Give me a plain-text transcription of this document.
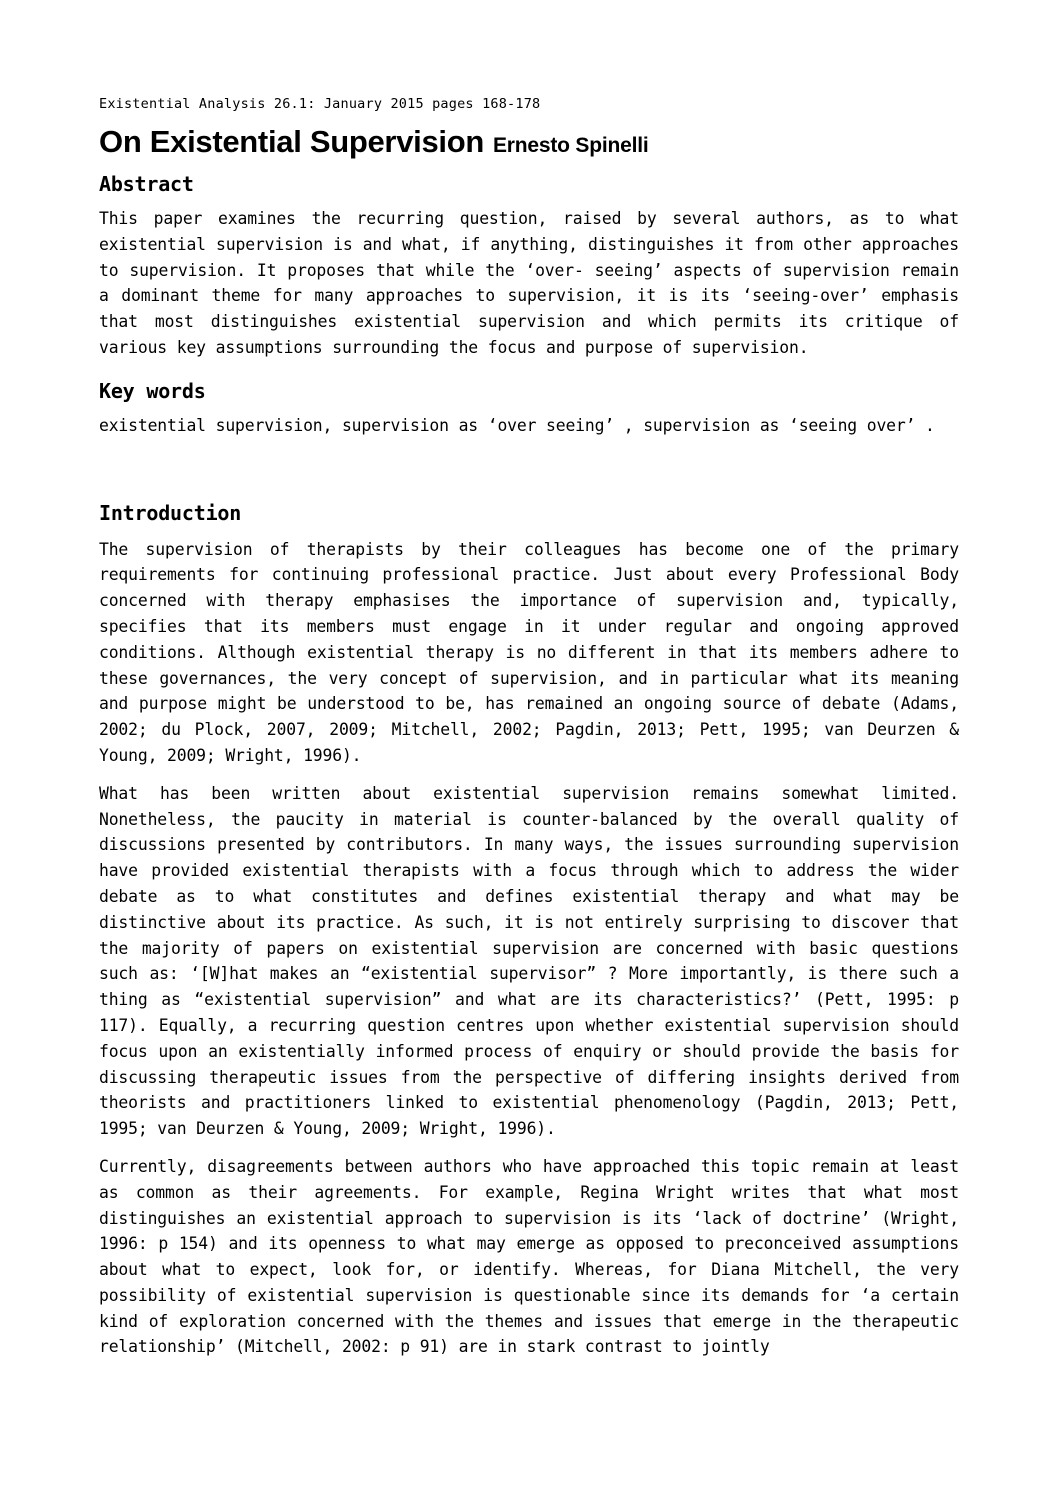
Existential Analysis 26.1: January 2015 pages 168-178
On Existential Supervision Ernesto Spinelli
Abstract

This paper examines the recurring question, raised by several authors, as to what existential supervision is and what, if anything, distinguishes it from other approaches to supervision. It proposes that while the ‘over- seeing’ aspects of supervision remain a dominant theme for many approaches to supervision, it is its ‘seeing-over’ emphasis that most distinguishes existential supervision and which permits its critique of various key assumptions surrounding the focus and purpose of supervision.

Key words

existential supervision, supervision as ‘over seeing’ , supervision as ‘seeing over’ .

Introduction

The supervision of therapists by their colleagues has become one of the primary requirements for continuing professional practice. Just about every Professional Body concerned with therapy emphasises the importance of supervision and, typically, specifies that its members must engage in it under regular and ongoing approved conditions. Although existential therapy is no different in that its members adhere to these governances, the very concept of supervision, and in particular what its meaning and purpose might be understood to be, has remained an ongoing source of debate (Adams, 2002; du Plock, 2007, 2009; Mitchell, 2002; Pagdin, 2013; Pett, 1995; van Deurzen & Young, 2009; Wright, 1996).

What has been written about existential supervision remains somewhat limited. Nonetheless, the paucity in material is counter-balanced by the overall quality of discussions presented by contributors. In many ways, the issues surrounding supervision have provided existential therapists with a focus through which to address the wider debate as to what constitutes and defines existential therapy and what may be distinctive about its practice. As such, it is not entirely surprising to discover that the majority of papers on existential supervision are concerned with basic questions such as: ‘[W]hat makes an “existential supervisor” ? More importantly, is there such a thing as “existential supervision” and what are its characteristics?’ (Pett, 1995: p 117). Equally, a recurring question centres upon whether existential supervision should focus upon an existentially informed process of enquiry or should provide the basis for discussing therapeutic issues from the perspective of differing insights derived from theorists and practitioners linked to existential phenomenology (Pagdin, 2013; Pett, 1995; van Deurzen & Young, 2009; Wright, 1996).

Currently, disagreements between authors who have approached this topic remain at least as common as their agreements. For example, Regina Wright writes that what most distinguishes an existential approach to supervision is its ‘lack of doctrine’ (Wright, 1996: p 154) and its openness to what may emerge as opposed to preconceived assumptions about what to expect, look for, or identify. Whereas, for Diana Mitchell, the very possibility of existential supervision is questionable since its demands for ‘a certain kind of exploration concerned with the themes and issues that emerge in the therapeutic relationship’ (Mitchell, 2002: p 91) are in stark contrast to jointly
